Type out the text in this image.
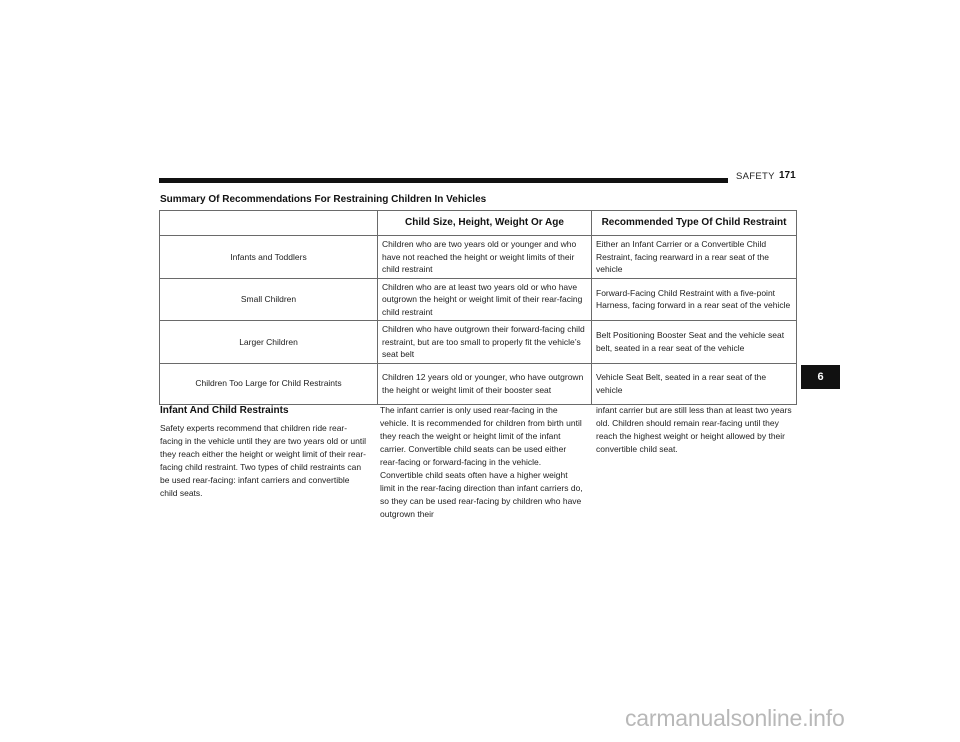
SAFETY 171
Summary Of Recommendations For Restraining Children In Vehicles
	Child Size, Height, Weight Or Age	Recommended Type Of Child Restraint
Infants and Toddlers	Children who are two years old or younger and who have not reached the height or weight limits of their child restraint	Either an Infant Carrier or a Convertible Child Restraint, facing rearward in a rear seat of the vehicle
Small Children	Children who are at least two years old or who have outgrown the height or weight limit of their rear-facing child restraint	Forward-Facing Child Restraint with a five-point Harness, facing forward in a rear seat of the vehicle
Larger Children	Children who have outgrown their forward-facing child restraint, but are too small to properly fit the vehicle’s seat belt	Belt Positioning Booster Seat and the vehicle seat belt, seated in a rear seat of the vehicle
Children Too Large for Child Restraints	Children 12 years old or younger, who have outgrown the height or weight limit of their booster seat	Vehicle Seat Belt, seated in a rear seat of the vehicle
Infant And Child Restraints

Safety experts recommend that children ride rear-facing in the vehicle until they are two years old or until they reach either the height or weight limit of their rear-facing child restraint. Two types of child restraints can be used rear-facing: infant carriers and convertible child seats.

The infant carrier is only used rear-facing in the vehicle. It is recommended for children from birth until they reach the weight or height limit of the infant carrier. Convertible child seats can be used either rear-facing or forward-facing in the vehicle. Convertible child seats often have a higher weight limit in the rear-facing direction than infant carriers do, so they can be used rear-facing by children who have outgrown their

infant carrier but are still less than at least two years old. Children should remain rear-facing until they reach the highest weight or height allowed by their convertible child seat.

6
carmanualsonline.info
